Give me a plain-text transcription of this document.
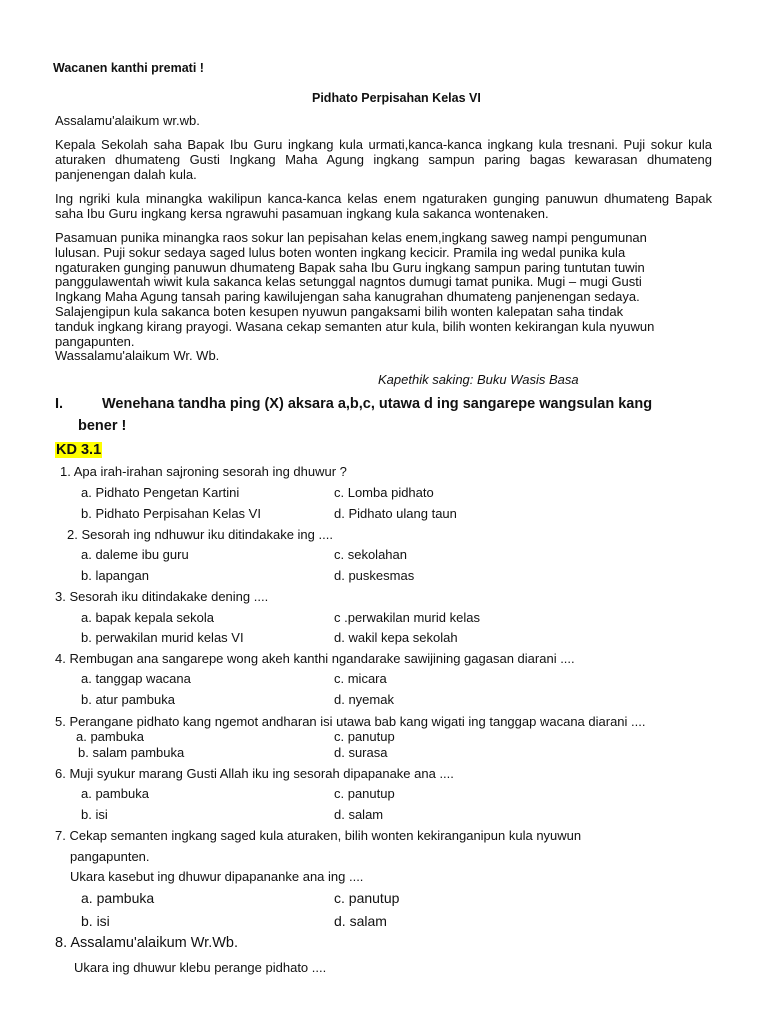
Wacanen kanthi premati !
Pidhato Perpisahan Kelas VI
Assalamu'alaikum wr.wb.
Kepala Sekolah saha Bapak Ibu Guru ingkang kula urmati,kanca-kanca ingkang kula tresnani. Puji sokur kula aturaken dhumateng Gusti Ingkang Maha Agung ingkang sampun paring bagas kewarasan dhumateng panjenengan dalah kula.
Ing ngriki kula minangka wakilipun kanca-kanca kelas enem ngaturaken gunging panuwun dhumateng Bapak saha Ibu Guru ingkang kersa ngrawuhi pasamuan ingkang kula sakanca wontenaken.
Pasamuan punika minangka raos sokur lan pepisahan kelas enem,ingkang saweg nampi pengumunan
lulusan. Puji sokur sedaya saged lulus boten wonten ingkang kecicir. Pramila ing wedal punika kula
ngaturaken gunging panuwun dhumateng Bapak saha Ibu Guru ingkang sampun paring tuntutan tuwin
panggulawentah wiwit kula sakanca kelas setunggal nagntos dumugi tamat punika. Mugi – mugi Gusti
Ingkang Maha Agung tansah paring kawilujengan saha kanugrahan dhumateng panjenengan sedaya.
Salajengipun kula sakanca boten kesupen nyuwun pangaksami bilih wonten kalepatan saha tindak
tanduk ingkang kirang prayogi. Wasana cekap semanten atur kula, bilih wonten kekirangan kula nyuwun
pangapunten.
Wassalamu'alaikum Wr. Wb.
Kapethik saking: Buku Wasis Basa
I.	Wenehana tandha ping (X) aksara a,b,c, utawa d ing sangarepe wangsulan kang
bener !
KD 3.1
1. Apa irah-irahan sajroning sesorah ing dhuwur ?
a. Pidhato Pengetan Kartini	c. Lomba pidhato
b. Pidhato Perpisahan Kelas VI	d. Pidhato ulang taun
2. Sesorah ing ndhuwur iku ditindakake ing ....
a. daleme ibu guru	c. sekolahan
b. lapangan	d. puskesmas
3. Sesorah iku ditindakake dening ....
a. bapak kepala sekola	c .perwakilan murid kelas
b. perwakilan murid kelas VI	d. wakil kepa sekolah
4. Rembugan ana sangarepe wong akeh kanthi ngandarake sawijining gagasan diarani ....
a. tanggap wacana	c. micara
b. atur pambuka	d. nyemak
5. Perangane pidhato kang ngemot andharan isi utawa bab kang wigati ing tanggap wacana diarani ....
a. pambuka	c. panutup
b. salam pambuka	d. surasa
6. Muji syukur marang Gusti Allah iku ing sesorah dipapanake ana ....
a. pambuka	c. panutup
b. isi	d. salam
7. Cekap semanten ingkang saged kula aturaken, bilih wonten kekiranganipun kula nyuwun
pangapunten.
Ukara kasebut ing dhuwur dipapananke ana ing ....
a. pambuka	c. panutup
b. isi	d. salam
8. Assalamu'alaikum Wr.Wb.
Ukara ing dhuwur klebu perange pidhato ....
